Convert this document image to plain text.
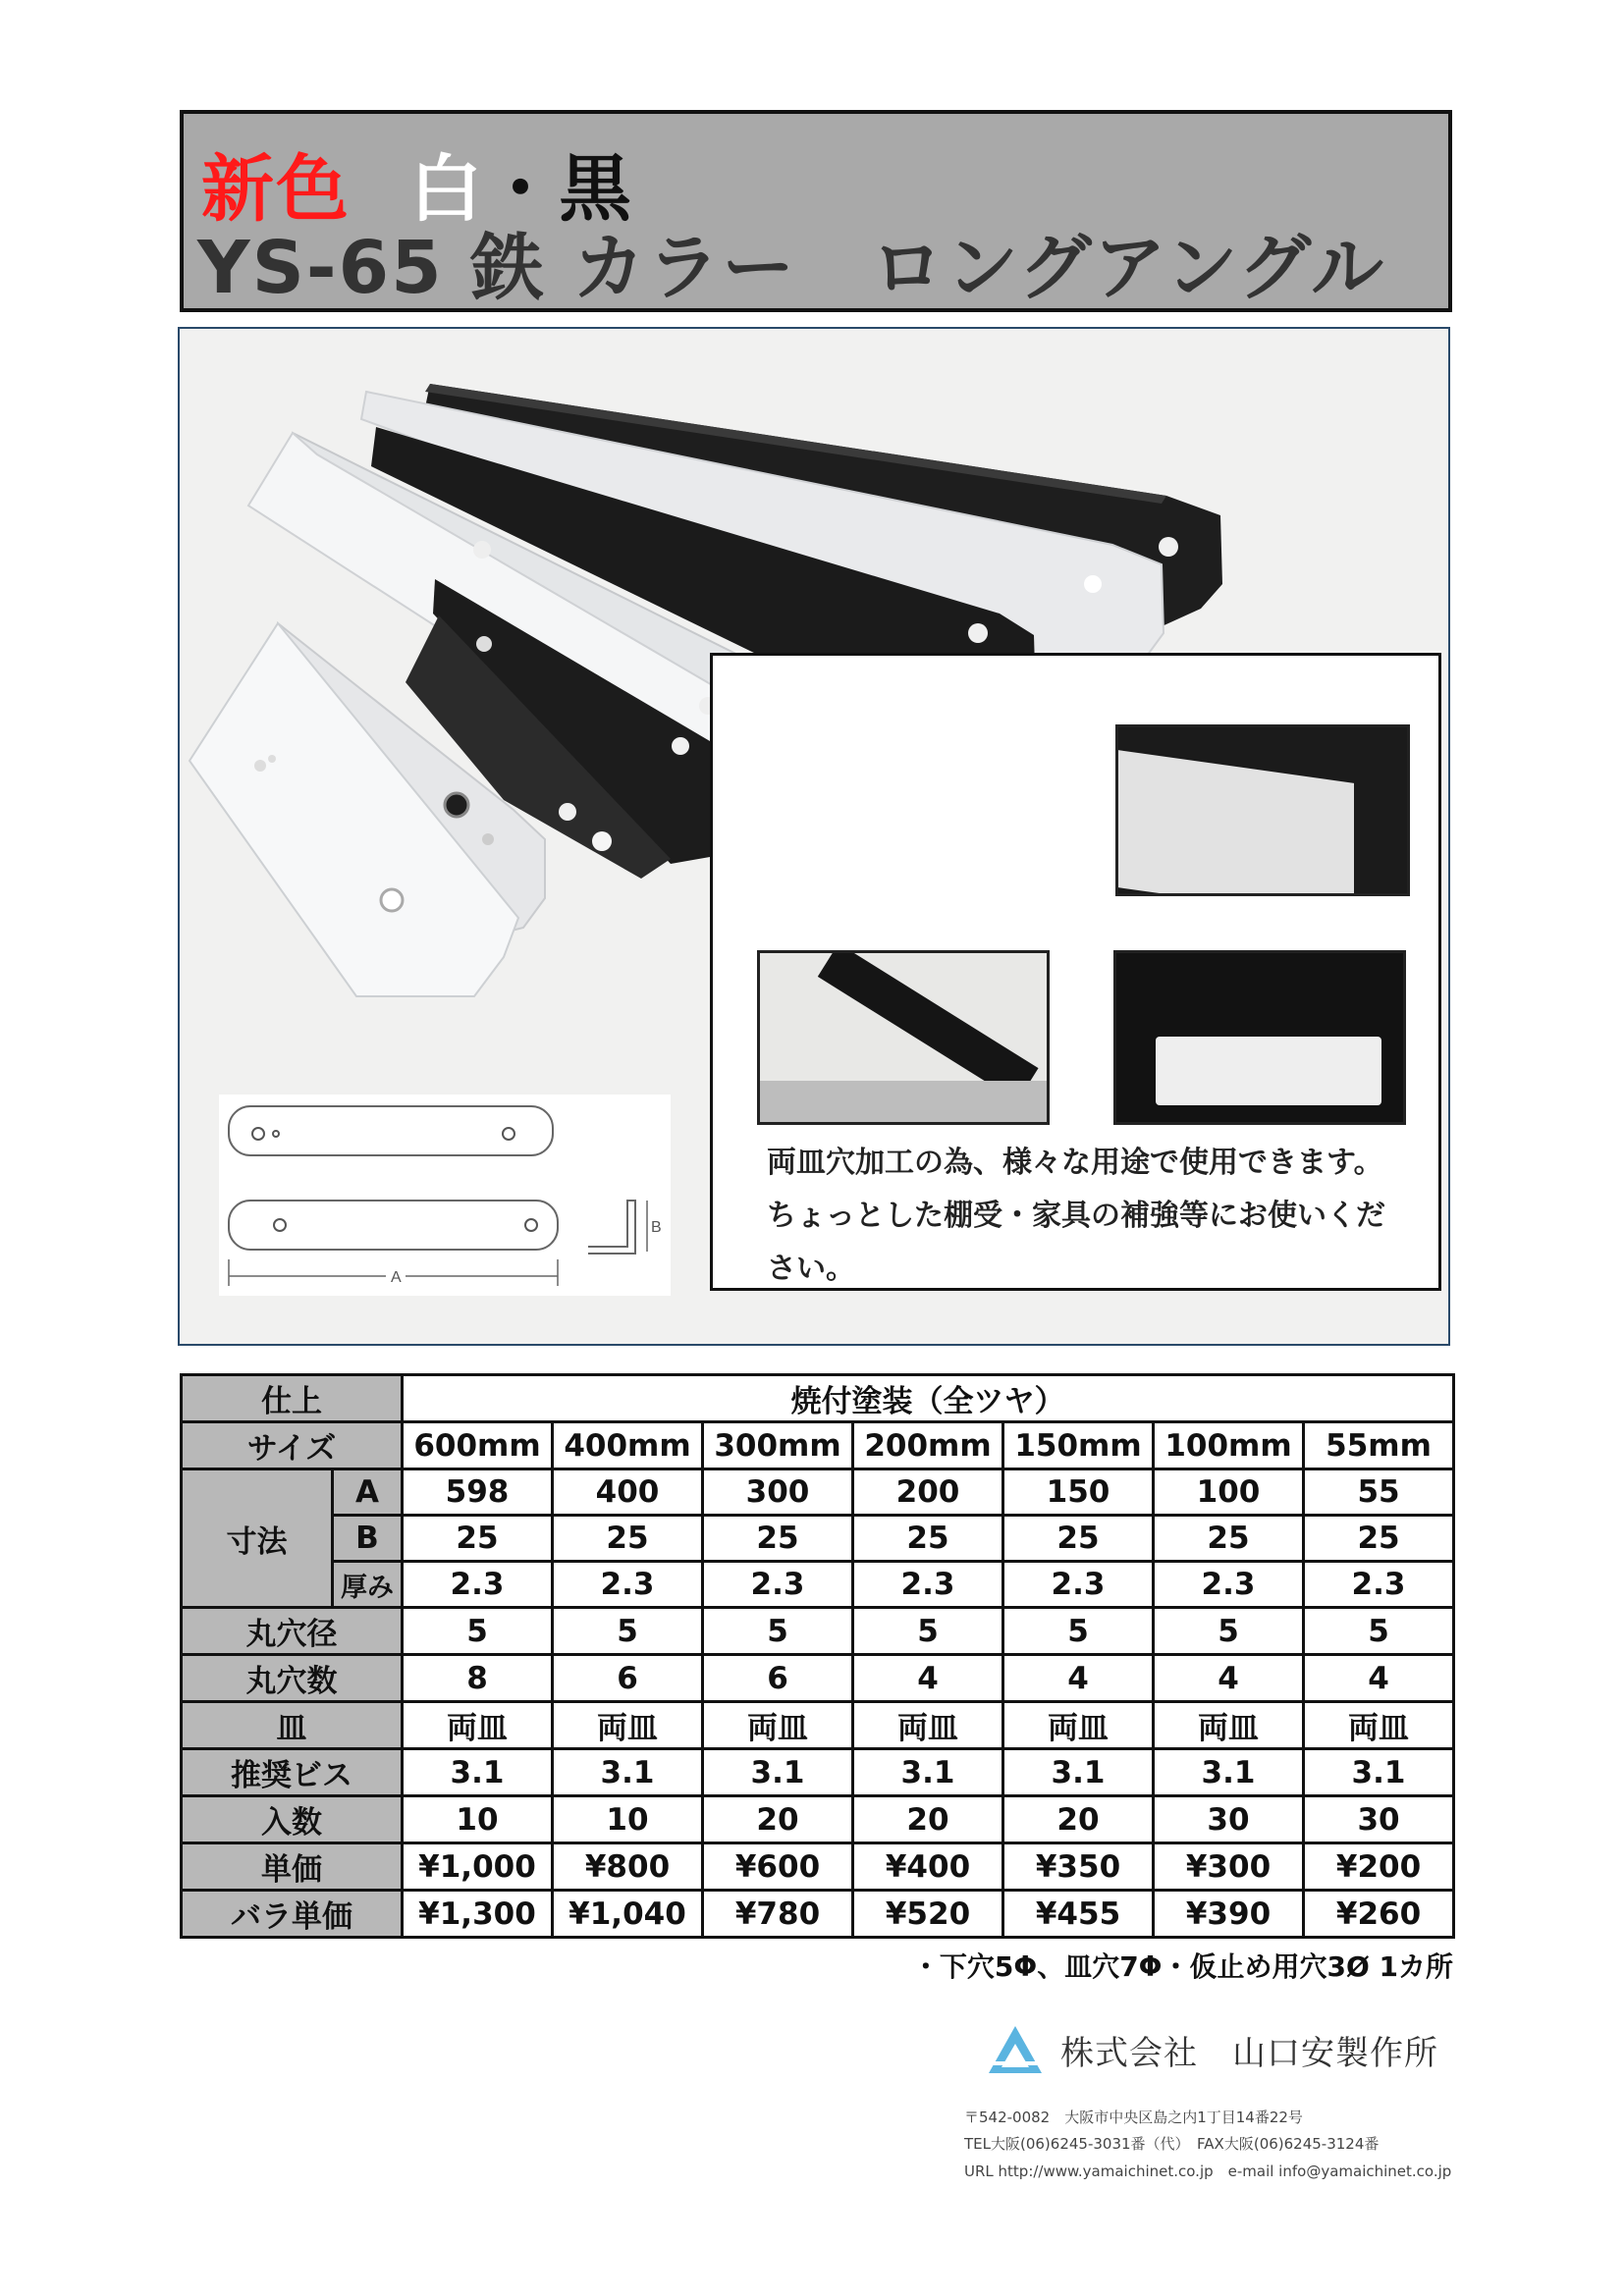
新色 白・黒
YS-65 鉄 カラー　ロングアングル
両皿穴加工の為、様々な用途で使用できます。
ちょっとした棚受・家具の補強等にお使いくだ
さい。
A
B
仕上		焼付塗装（全ツヤ）						
サイズ		600mm	400mm	300mm	200mm	150mm	100mm	55mm
寸法	A	598	400	300	200	150	100	55
	B	25	25	25	25	25	25	25
	厚み	2.3	2.3	2.3	2.3	2.3	2.3	2.3
丸穴径		5	5	5	5	5	5	5
丸穴数		8	6	6	4	4	4	4
皿		両皿	両皿	両皿	両皿	両皿	両皿	両皿
推奨ビス		3.1	3.1	3.1	3.1	3.1	3.1	3.1
入数		10	10	20	20	20	30	30
単価		¥1,000	¥800	¥600	¥400	¥350	¥300	¥200
バラ単価		¥1,300	¥1,040	¥780	¥520	¥455	¥390	¥260
・下穴5Φ、皿穴7Φ・仮止め用穴3Ø 1カ所
株式会社　山口安製作所
〒542-0082　大阪市中央区島之内1丁目14番22号
TEL大阪(06)6245-3031番（代）　FAX大阪(06)6245-3124番
URL http://www.yamaichinet.co.jp　e-mail info@yamaichinet.co.jp
